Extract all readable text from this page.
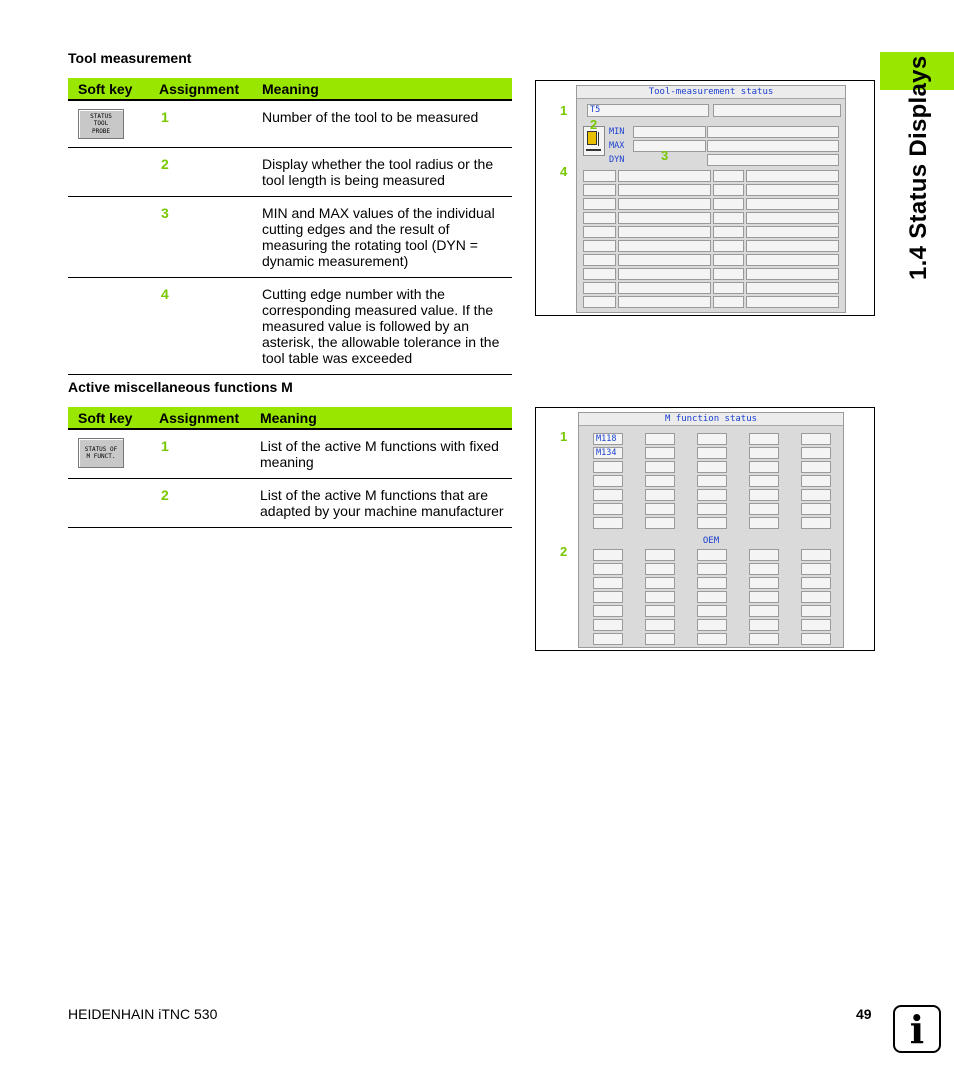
1.4 Status Displays
Tool measurement
Soft key	Assignment	Meaning

STATUS
TOOL
PROBE	1	Number of the tool to be measured
	2	Display whether the tool radius or the tool length is being measured
	3	MIN and MAX values of the individual cutting edges and the result of measuring the rotating tool (DYN = dynamic measurement)
	4	Cutting edge number with the corresponding measured value. If the measured value is followed by an asterisk, the allowable tolerance in the tool table was exceeded
Tool-measurement status
T5
MIN
MAX
DYN
1
2
3
4
Active miscellaneous functions M
Soft key	Assignment	Meaning

STATUS OF
M FUNCT.	1	List of the active M functions with fixed meaning
	2	List of the active M functions that are adapted by your machine manufacturer
M function status
M118
M134
OEM
1
2
HEIDENHAIN iTNC 530	49	i
